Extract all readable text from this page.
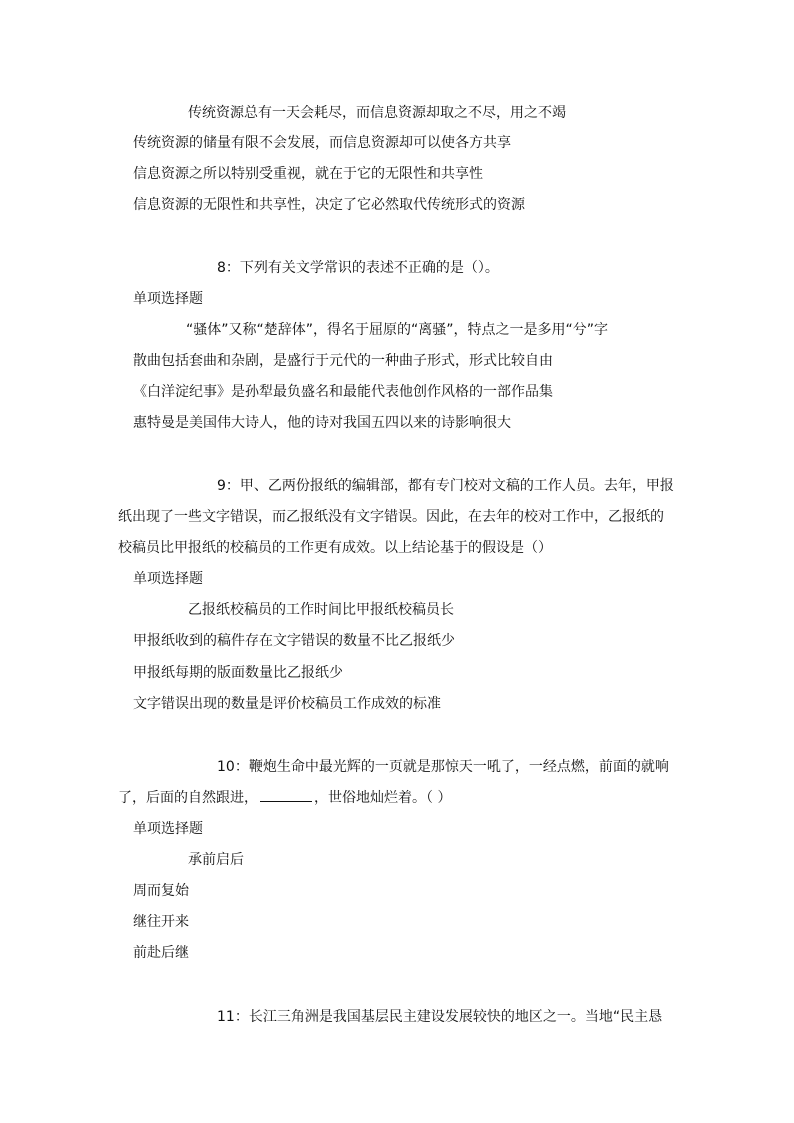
传统资源总有一天会耗尽，而信息资源却取之不尽，用之不竭
传统资源的储量有限不会发展，而信息资源却可以使各方共享
信息资源之所以特别受重视，就在于它的无限性和共享性
信息资源的无限性和共享性，决定了它必然取代传统形式的资源
8：下列有关文学常识的表述不正确的是（）。
单项选择题
“骚体”又称“楚辞体”，得名于屈原的“离骚”，特点之一是多用“兮”字
散曲包括套曲和杂剧，是盛行于元代的一种曲子形式，形式比较自由
《白洋淀纪事》是孙犁最负盛名和最能代表他创作风格的一部作品集
惠特曼是美国伟大诗人，他的诗对我国五四以来的诗影响很大
9：甲、乙两份报纸的编辑部，都有专门校对文稿的工作人员。去年，甲报
纸出现了一些文字错误，而乙报纸没有文字错误。因此，在去年的校对工作中，乙报纸的
校稿员比甲报纸的校稿员的工作更有成效。以上结论基于的假设是（）
单项选择题
乙报纸校稿员的工作时间比甲报纸校稿员长
甲报纸收到的稿件存在文字错误的数量不比乙报纸少
甲报纸每期的版面数量比乙报纸少
文字错误出现的数量是评价校稿员工作成效的标准
10：鞭炮生命中最光辉的一页就是那惊天一吼了，一经点燃，前面的就响
了，后面的自然跟进，	，世俗地灿烂着。（ ）
单项选择题
承前启后
周而复始
继往开来
前赴后继
11：长江三角洲是我国基层民主建设发展较快的地区之一。当地“民主恳
